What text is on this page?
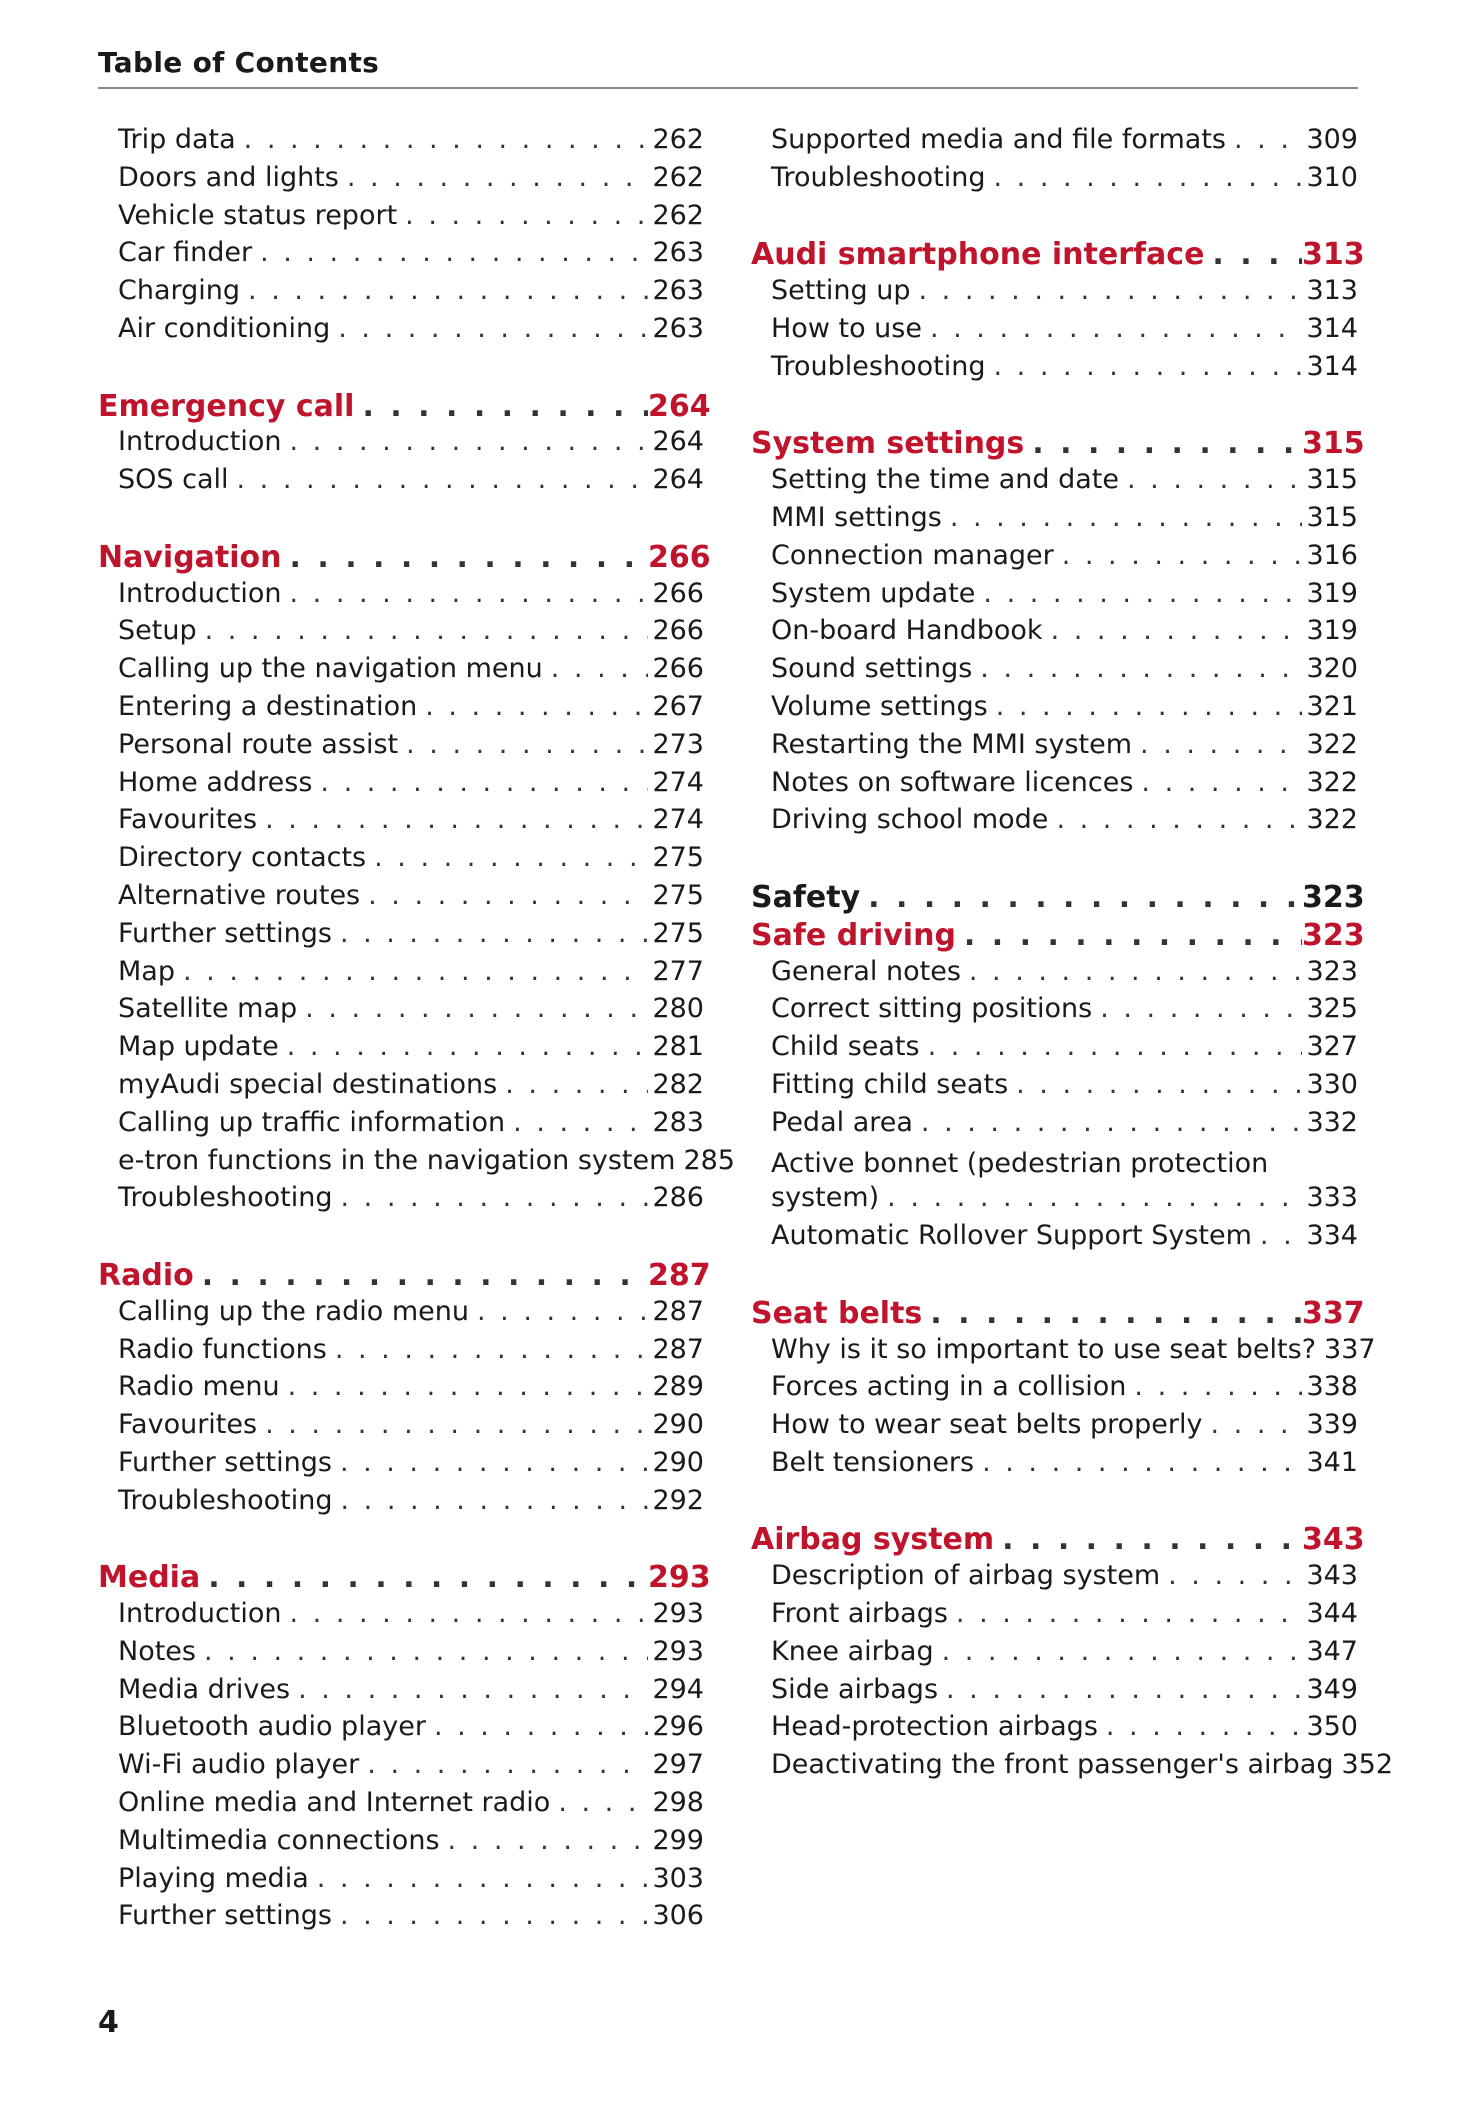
Table of Contents
Trip data . . .	262
Doors and lights . . .	262
Vehicle status report . . .	262
Car finder . . .	263
Charging . . .	263
Air conditioning . . .	263
Emergency call . . .	264
Introduction . . .	264
SOS call . . .	264
Navigation . . .	266
Introduction . . .	266
Setup . . .	266
Calling up the navigation menu . . .	266
Entering a destination . . .	267
Personal route assist . . .	273
Home address . . .	274
Favourites . . .	274
Directory contacts . . .	275
Alternative routes . . .	275
Further settings . . .	275
Map . . .	277
Satellite map . . .	280
Map update . . .	281
myAudi special destinations . . .	282
Calling up traffic information . . .	283
e-tron functions in the navigation system 285
Troubleshooting . . .	286
Radio . . .	287
Calling up the radio menu . . .	287
Radio functions . . .	287
Radio menu . . .	289
Favourites . . .	290
Further settings . . .	290
Troubleshooting . . .	292
Media . . .	293
Introduction . . .	293
Notes . . .	293
Media drives . . .	294
Bluetooth audio player . . .	296
Wi-Fi audio player . . .	297
Online media and Internet radio . . .	298
Multimedia connections . . .	299
Playing media . . .	303
Further settings . . .	306
Supported media and file formats . . .	309
Troubleshooting . . .	310
Audi smartphone interface . . .	313
Setting up . . .	313
How to use . . .	314
Troubleshooting . . .	314
System settings . . .	315
Setting the time and date . . .	315
MMI settings . . .	315
Connection manager . . .	316
System update . . .	319
On-board Handbook . . .	319
Sound settings . . .	320
Volume settings . . .	321
Restarting the MMI system . . .	322
Notes on software licences . . .	322
Driving school mode . . .	322
Safety . . .	323
Safe driving . . .	323
General notes . . .	323
Correct sitting positions . . .	325
Child seats . . .	327
Fitting child seats . . .	330
Pedal area . . .	332
Active bonnet (pedestrian protection
system) . . .	333
Automatic Rollover Support System . . . 334
Seat belts . . .	337
Why is it so important to use seat belts? 337
Forces acting in a collision . . .	338
How to wear seat belts properly . . .	339
Belt tensioners . . .	341
Airbag system . . .	343
Description of airbag system . . .	343
Front airbags . . .	344
Knee airbag . . .	347
Side airbags . . .	349
Head-protection airbags . . .	350
Deactivating the front passenger's airbag 352
4
